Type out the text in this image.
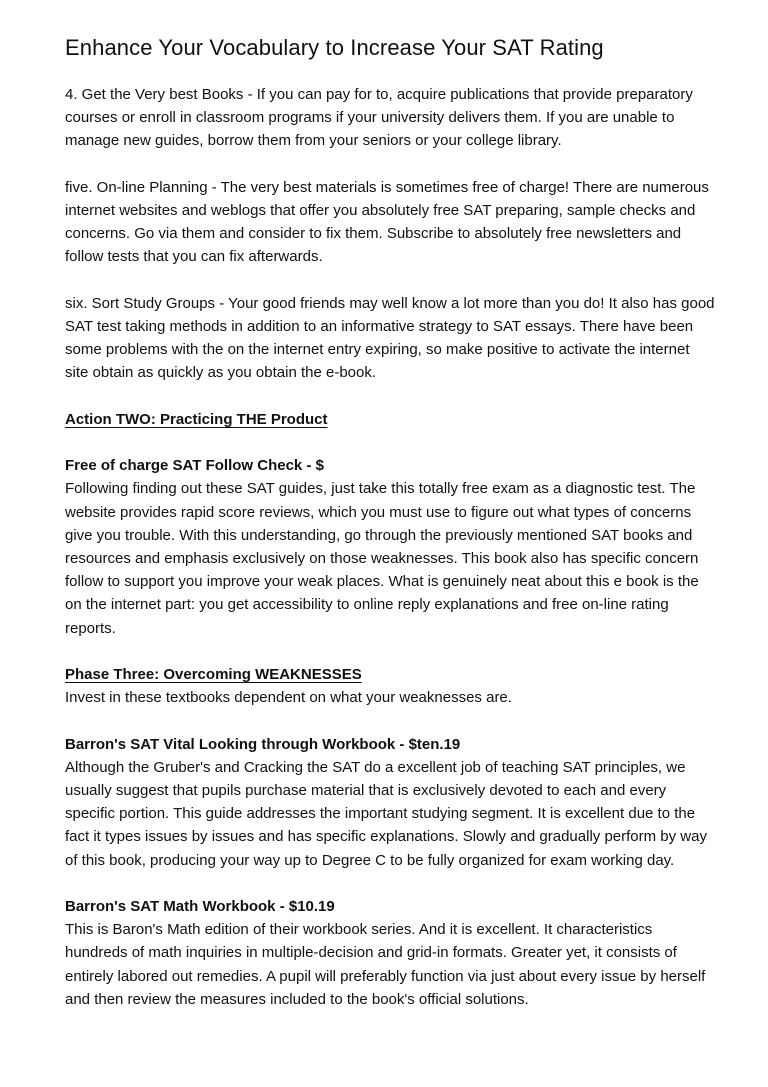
Enhance Your Vocabulary to Increase Your SAT Rating

4. Get the Very best Books - If you can pay for to, acquire publications that provide preparatory courses or enroll in classroom programs if your university delivers them. If you are unable to manage new guides, borrow them from your seniors or your college library.

five. On-line Planning - The very best materials is sometimes free of charge! There are numerous internet websites and weblogs that offer you absolutely free SAT preparing, sample checks and concerns. Go via them and consider to fix them. Subscribe to absolutely free newsletters and follow tests that you can fix afterwards.

six. Sort Study Groups - Your good friends may well know a lot more than you do! It also has good SAT test taking methods in addition to an informative strategy to SAT essays. There have been some problems with the on the internet entry expiring, so make positive to activate the internet site obtain as quickly as you obtain the e-book.

Action TWO: Practicing THE Product

Free of charge SAT Follow Check - $

Following finding out these SAT guides, just take this totally free exam as a diagnostic test. The website provides rapid score reviews, which you must use to figure out what types of concerns give you trouble. With this understanding, go through the previously mentioned SAT books and resources and emphasis exclusively on those weaknesses. This book also has specific concern follow to support you improve your weak places. What is genuinely neat about this e book is the on the internet part: you get accessibility to online reply explanations and free on-line rating reports.

Phase Three: Overcoming WEAKNESSES

Invest in these textbooks dependent on what your weaknesses are.

Barron's SAT Vital Looking through Workbook - $ten.19

Although the Gruber's and Cracking the SAT do a excellent job of teaching SAT principles, we usually suggest that pupils purchase material that is exclusively devoted to each and every specific portion. This guide addresses the important studying segment. It is excellent due to the fact it types issues by issues and has specific explanations. Slowly and gradually perform by way of this book, producing your way up to Degree C to be fully organized for exam working day.

Barron's SAT Math Workbook - $10.19

This is Baron's Math edition of their workbook series. And it is excellent. It characteristics hundreds of math inquiries in multiple-decision and grid-in formats. Greater yet, it consists of entirely labored out remedies. A pupil will preferably function via just about every issue by herself and then review the measures included to the book's official solutions.
